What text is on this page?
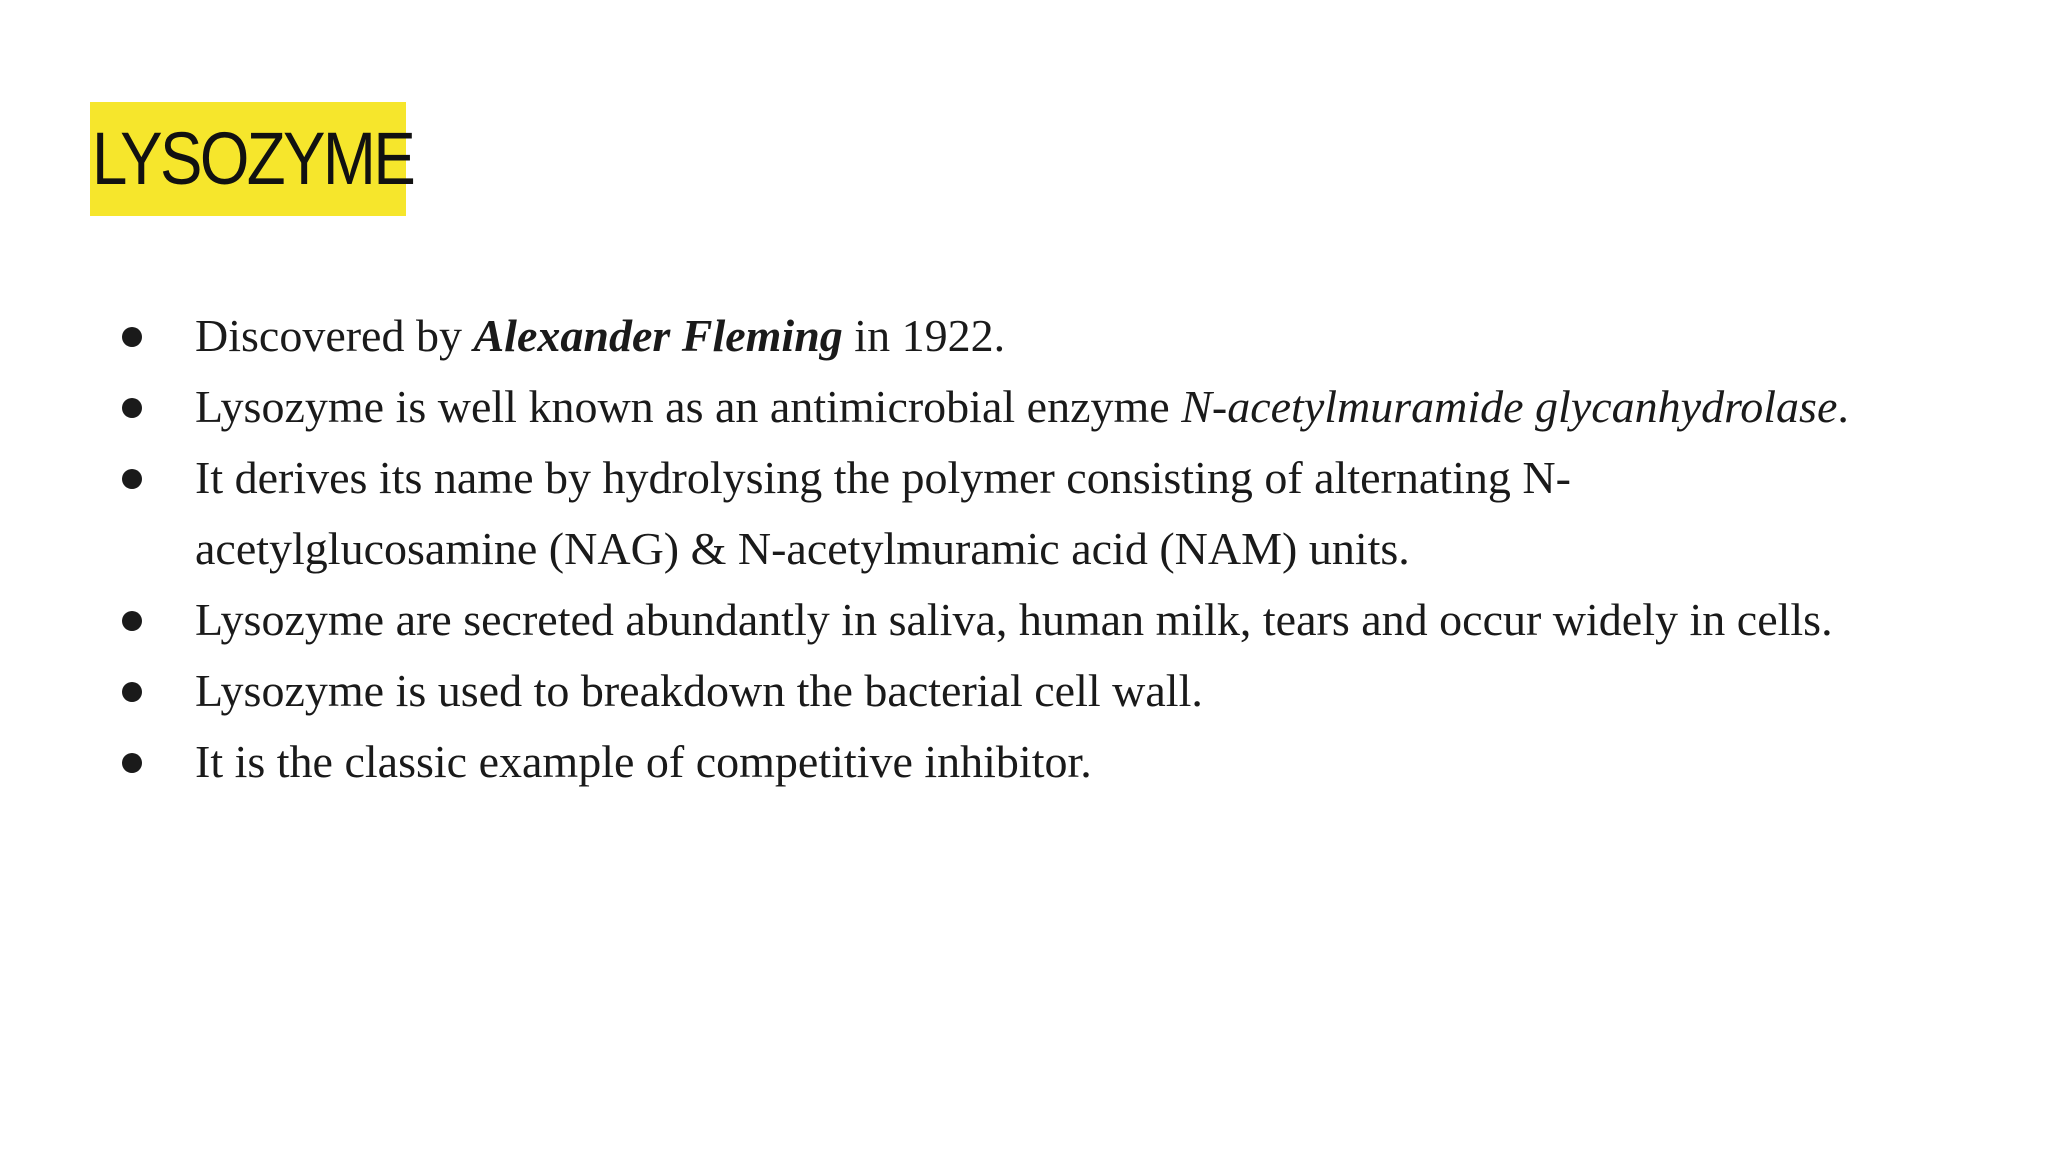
LYSOZYME
Discovered by Alexander Fleming in 1922.
Lysozyme is well known as an antimicrobial enzyme N-acetylmuramide glycanhydrolase.
It derives its name by hydrolysing the polymer consisting of alternating N-
acetylglucosamine (NAG) & N-acetylmuramic acid (NAM) units.
Lysozyme are secreted abundantly in saliva, human milk, tears and occur widely in cells.
Lysozyme is used to breakdown the bacterial cell wall.
It is the classic example of competitive inhibitor.
